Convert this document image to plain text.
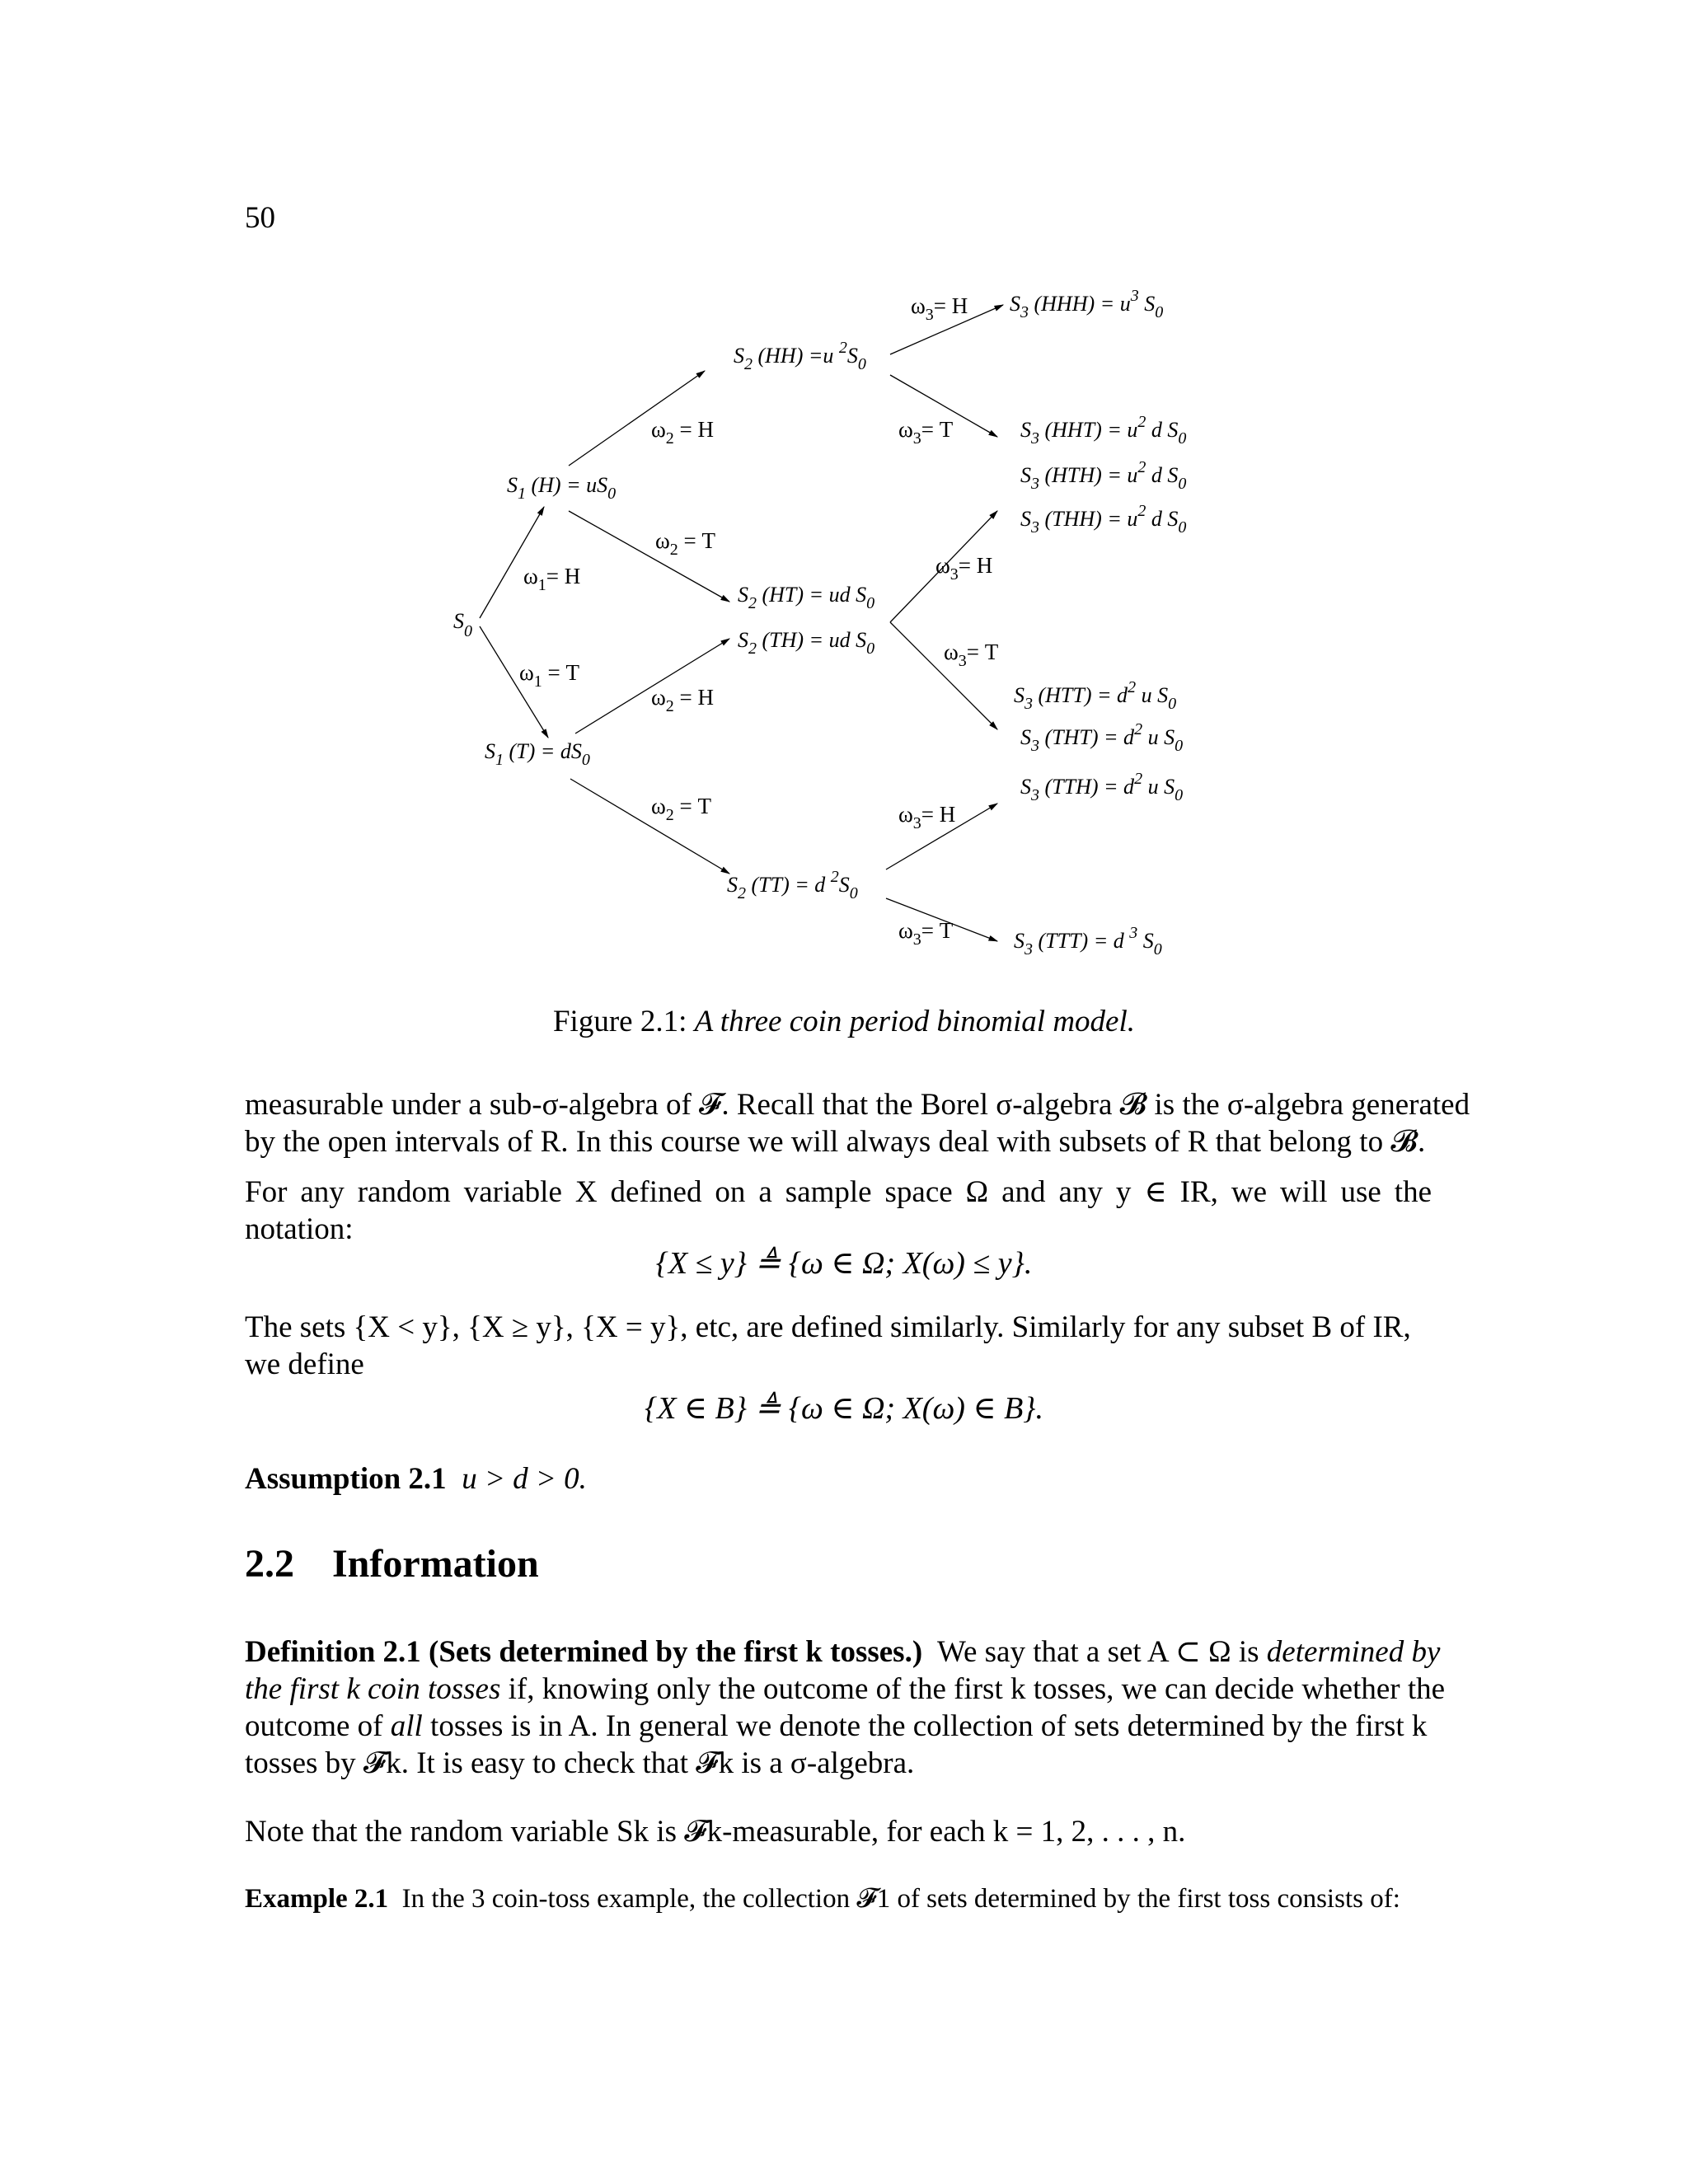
50
$S_0$
$S_1$ $(H) = uS_0$
$S_1$ $(T) = dS_0$
$S_2$ (HH) =u $^2S_0$
$S_2$ (HT) = ud $S_0$
$S_2$ (TH) = ud $S_0$
$S_2$ (TT) = d $^2S_0$
$S_3$ $(HHH) = u^3$ $S_0$
$S_3$ $(HHT) = u^2$ d $S_0$
$S_3$ $(HTH) = u^2$ d $S_0$
$S_3$ $(THH) = u^2$ d $S_0$
$S_3$ $(HTT) = d^2$ u $S_0$
$S_3$ $(THT) = d^2$ u $S_0$
$S_3$ $(TTH) = d^2$ u $S_0$
$S_3$ (TTT) = d $^3$ $S_0$
$\omega_1= H$
$\omega_1 = T$
$\omega_2 = H$
$\omega_2 = T$
$\omega_2 = H$
$\omega_2 = T$
$\omega_3= H$
$\omega_3= T$
$\omega_3= H$
$\omega_3= T$
$\omega_3= H$
$\omega_3= T$
Figure 2.1: A three coin period binomial model.

measurable under a sub-σ-algebra of 𝓕. Recall that the Borel σ-algebra 𝓑 is the σ-algebra generated

by the open intervals of R. In this course we will always deal with subsets of R that belong to 𝓑.

For any random variable X defined on a sample space Ω and any y ∈ IR, we will use the notation:

{X ≤ y} ≜ {ω ∈ Ω; X(ω) ≤ y}.

The sets {X < y}, {X ≥ y}, {X = y}, etc, are defined similarly. Similarly for any subset B of IR,

we define

{X ∈ B} ≜ {ω ∈ Ω; X(ω) ∈ B}.

Assumption 2.1 u > d > 0.

2.2 Information

Definition 2.1 (Sets determined by the first k tosses.) We say that a set A ⊂ Ω is determined by

the first k coin tosses if, knowing only the outcome of the first k tosses, we can decide whether the

outcome of all tosses is in A. In general we denote the collection of sets determined by the first k

tosses by 𝓕k. It is easy to check that 𝓕k is a σ-algebra.

Note that the random variable Sk is 𝓕k-measurable, for each k = 1, 2, . . . , n.

Example 2.1 In the 3 coin-toss example, the collection 𝓕1 of sets determined by the first toss consists of:
